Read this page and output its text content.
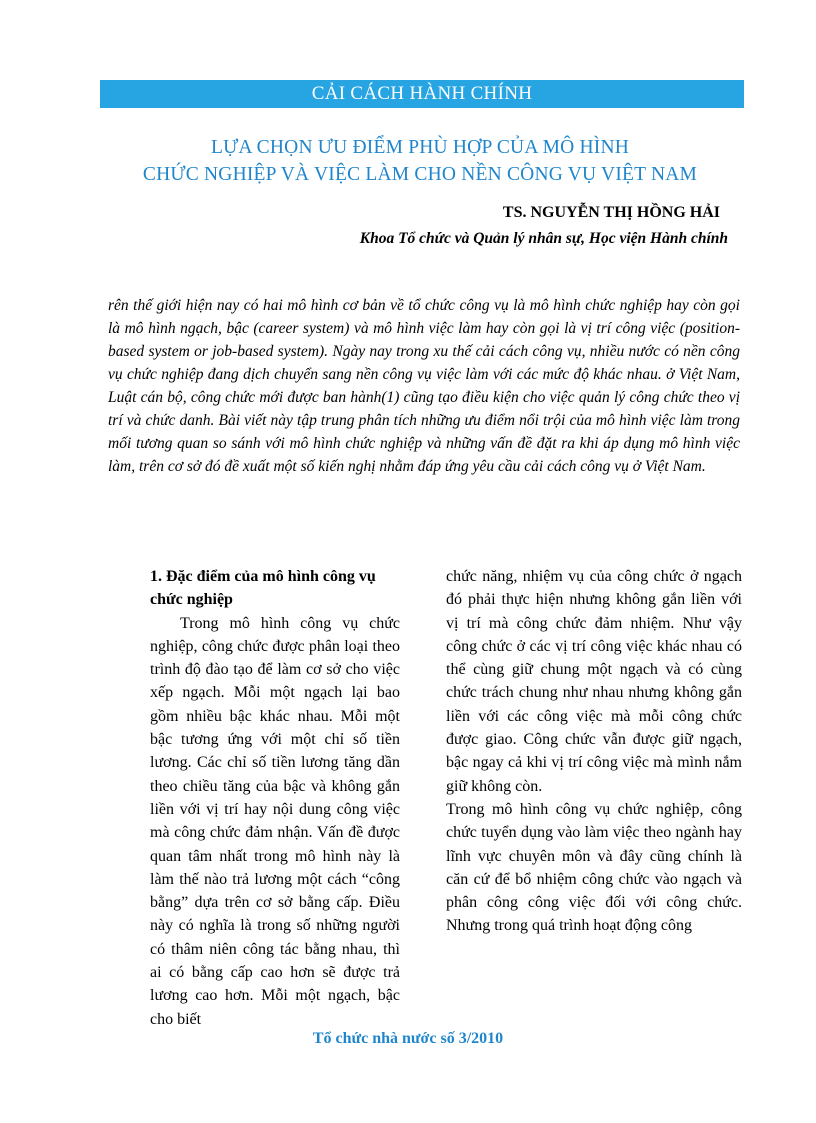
CẢI CÁCH HÀNH CHÍNH
LỰA CHỌN ƯU ĐIỂM PHÙ HỢP CỦA MÔ HÌNH
CHỨC NGHIỆP VÀ VIỆC LÀM CHO NỀN CÔNG VỤ VIỆT NAM
TS. NGUYỄN THỊ HỒNG HẢI
Khoa Tổ chức và Quản lý nhân sự, Học viện Hành chính

rên thế giới hiện nay có hai mô hình cơ bản về tổ chức công vụ là mô hình chức nghiệp hay còn gọi là mô hình ngạch, bậc (career system) và mô hình việc làm hay còn gọi là vị trí công việc (position-based system or job-based system). Ngày nay trong xu thế cải cách công vụ, nhiều nước có nền công vụ chức nghiệp đang dịch chuyển sang nền công vụ việc làm với các mức độ khác nhau. ở Việt Nam, Luật cán bộ, công chức mới được ban hành(1) cũng tạo điều kiện cho việc quản lý công chức theo vị trí và chức danh. Bài viết này tập trung phân tích những ưu điểm nổi trội của mô hình việc làm trong mối tương quan so sánh với mô hình chức nghiệp và những vấn đề đặt ra khi áp dụng mô hình việc làm, trên cơ sở đó đề xuất một số kiến nghị nhằm đáp ứng yêu cầu cải cách công vụ ở Việt Nam.

1. Đặc điểm của mô hình công vụ chức nghiệp

Trong mô hình công vụ chức nghiệp, công chức được phân loại theo trình độ đào tạo để làm cơ sở cho việc xếp ngạch. Mỗi một ngạch lại bao gồm nhiều bậc khác nhau. Mỗi một bậc tương ứng với một chỉ số tiền lương. Các chỉ số tiền lương tăng dần theo chiều tăng của bậc và không gắn liền với vị trí hay nội dung công việc mà công chức đảm nhận. Vấn đề được quan tâm nhất trong mô hình này là làm thế nào trả lương một cách “công bằng” dựa trên cơ sở bằng cấp. Điều này có nghĩa là trong số những người có thâm niên công tác bằng nhau, thì ai có bằng cấp cao hơn sẽ được trả lương cao hơn. Mỗi một ngạch, bậc cho biết

chức năng, nhiệm vụ của công chức ở ngạch đó phải thực hiện nhưng không gắn liền với vị trí mà công chức đảm nhiệm. Như vậy công chức ở các vị trí công việc khác nhau có thể cùng giữ chung một ngạch và có cùng chức trách chung như nhau nhưng không gắn liền với các công việc mà mỗi công chức được giao. Công chức vẫn được giữ ngạch, bậc ngay cả khi vị trí công việc mà mình nắm giữ không còn.

Trong mô hình công vụ chức nghiệp, công chức tuyển dụng vào làm việc theo ngành hay lĩnh vực chuyên môn và đây cũng chính là căn cứ để bổ nhiệm công chức vào ngạch và phân công công việc đối với công chức. Nhưng trong quá trình hoạt động công

Tổ chức nhà nước số 3/2010
